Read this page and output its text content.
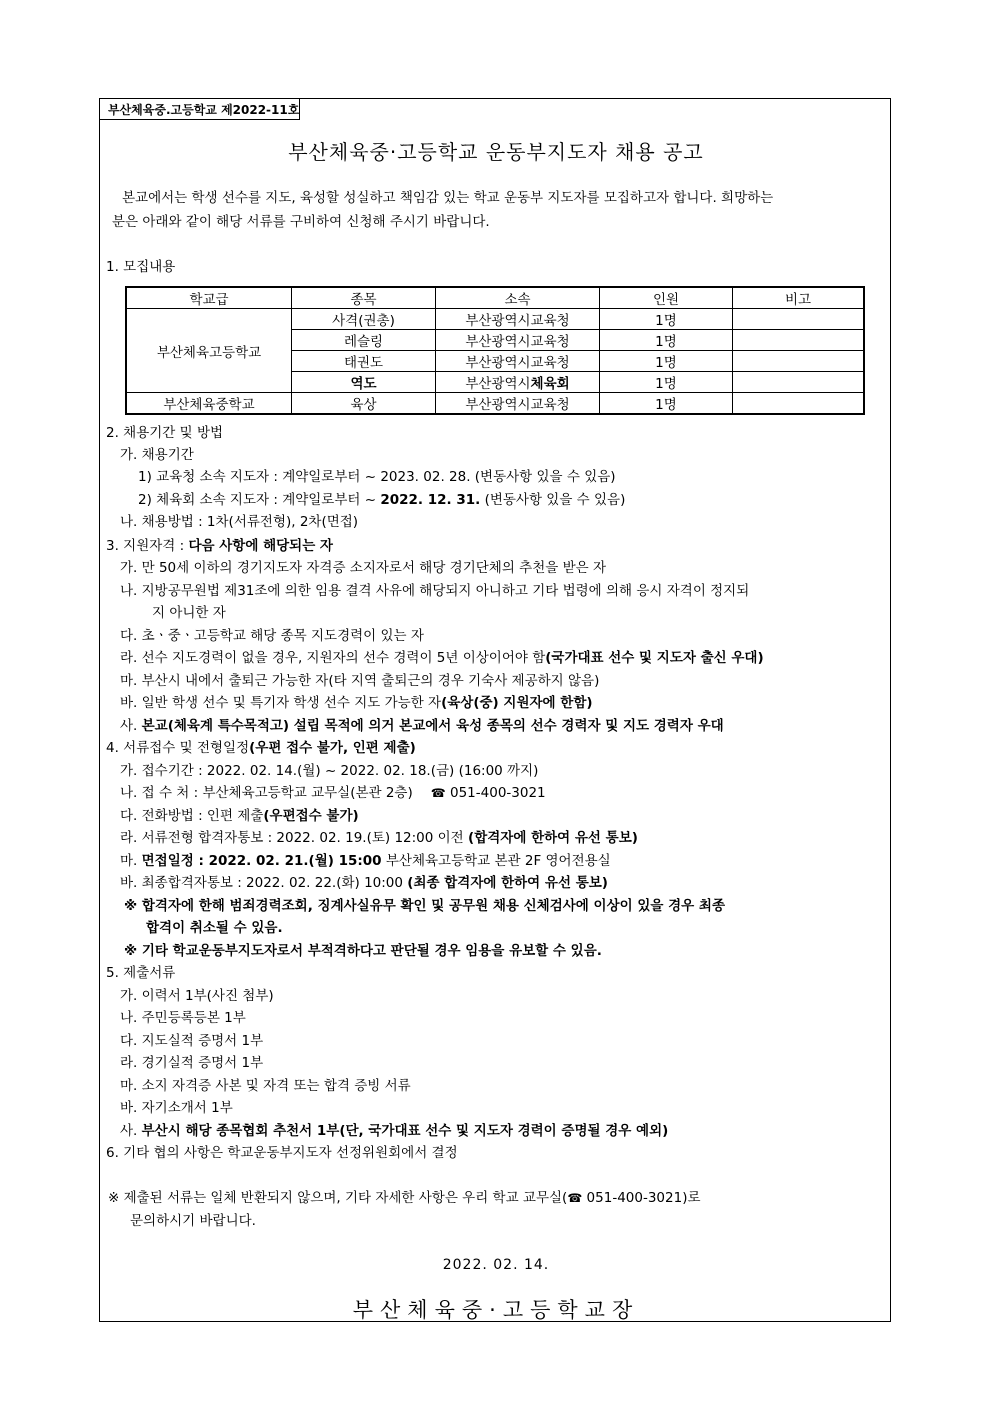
부산체육중.고등학교 제2022-11호
부산체육중·고등학교 운동부지도자 채용 공고
본교에서는 학생 선수를 지도, 육성할 성실하고 책임감 있는 학교 운동부 지도자를 모집하고자 합니다. 희망하는
분은 아래와 같이 해당 서류를 구비하여 신청해 주시기 바랍니다.
1. 모집내용
학교급	종목	소속	인원	비고
부산체육고등학교	사격(권총)	부산광역시교육청	1명	
	레슬링	부산광역시교육청	1명	
	태권도	부산광역시교육청	1명	
	역도	부산광역시체육회	1명	
부산체육중학교	육상	부산광역시교육청	1명	
2. 채용기간 및 방법
가. 채용기간
1) 교육청 소속 지도자 : 계약일로부터 ~ 2023. 02. 28. (변동사항 있을 수 있음)
2) 체육회 소속 지도자 : 계약일로부터 ~ 2022. 12. 31. (변동사항 있을 수 있음)
나. 채용방법 : 1차(서류전형), 2차(면접)
3. 지원자격 : 다음 사항에 해당되는 자
가. 만 50세 이하의 경기지도자 자격증 소지자로서 해당 경기단체의 추천을 받은 자
나. 지방공무원법 제31조에 의한 임용 결격 사유에 해당되지 아니하고 기타 법령에 의해 응시 자격이 정지되
지 아니한 자
다. 초ㆍ중ㆍ고등학교 해당 종목 지도경력이 있는 자
라. 선수 지도경력이 없을 경우, 지원자의 선수 경력이 5년 이상이어야 함(국가대표 선수 및 지도자 출신 우대)
마. 부산시 내에서 출퇴근 가능한 자(타 지역 출퇴근의 경우 기숙사 제공하지 않음)
바. 일반 학생 선수 및 특기자 학생 선수 지도 가능한 자(육상(중) 지원자에 한함)
사. 본교(체육계 특수목적고) 설립 목적에 의거 본교에서 육성 종목의 선수 경력자 및 지도 경력자 우대
4. 서류접수 및 전형일정(우편 접수 불가, 인편 제출)
가. 접수기간 : 2022. 02. 14.(월) ~ 2022. 02. 18.(금) (16:00 까지)
나. 접 수 처 : 부산체육고등학교 교무실(본관 2층) ☎ 051-400-3021
다. 전화방법 : 인편 제출(우편접수 불가)
라. 서류전형 합격자통보 : 2022. 02. 19.(토) 12:00 이전 (합격자에 한하여 유선 통보)
마. 면접일정 : 2022. 02. 21.(월) 15:00 부산체육고등학교 본관 2F 영어전용실
바. 최종합격자통보 : 2022. 02. 22.(화) 10:00 (최종 합격자에 한하여 유선 통보)
※ 합격자에 한해 범죄경력조회, 징계사실유무 확인 및 공무원 채용 신체검사에 이상이 있을 경우 최종
합격이 취소될 수 있음.
※ 기타 학교운동부지도자로서 부적격하다고 판단될 경우 임용을 유보할 수 있음.
5. 제출서류
가. 이력서 1부(사진 첨부)
나. 주민등록등본 1부
다. 지도실적 증명서 1부
라. 경기실적 증명서 1부
마. 소지 자격증 사본 및 자격 또는 합격 증빙 서류
바. 자기소개서 1부
사. 부산시 해당 종목협회 추천서 1부(단, 국가대표 선수 및 지도자 경력이 증명될 경우 예외)
6. 기타 협의 사항은 학교운동부지도자 선정위원회에서 결정
※ 제출된 서류는 일체 반환되지 않으며, 기타 자세한 사항은 우리 학교 교무실(☎ 051-400-3021)로
문의하시기 바랍니다.
2022. 02. 14.
부산체육중·고등학교장
